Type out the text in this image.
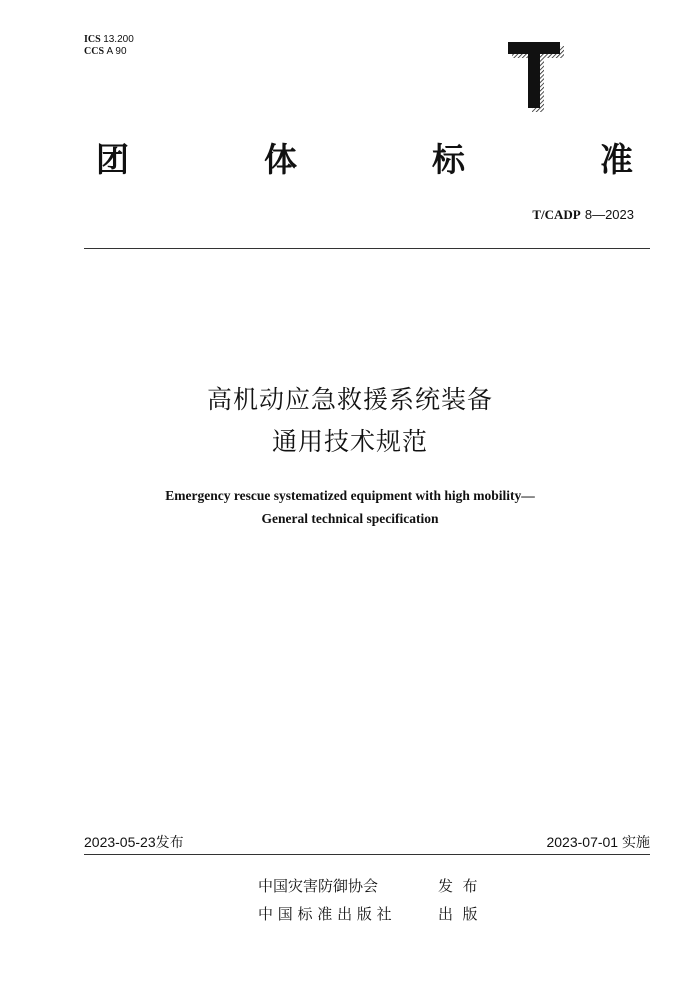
ICS 13.200
CCS A 90
团	体	标	准
T/CADP 8—2023
高机动应急救援系统装备
通用技术规范
Emergency rescue systematized equipment with high mobility—
General technical specification
2023-05-23发布	2023-07-01 实施
中国灾害防御协会	发  布
中 国 标 准 出 版 社	出  版
